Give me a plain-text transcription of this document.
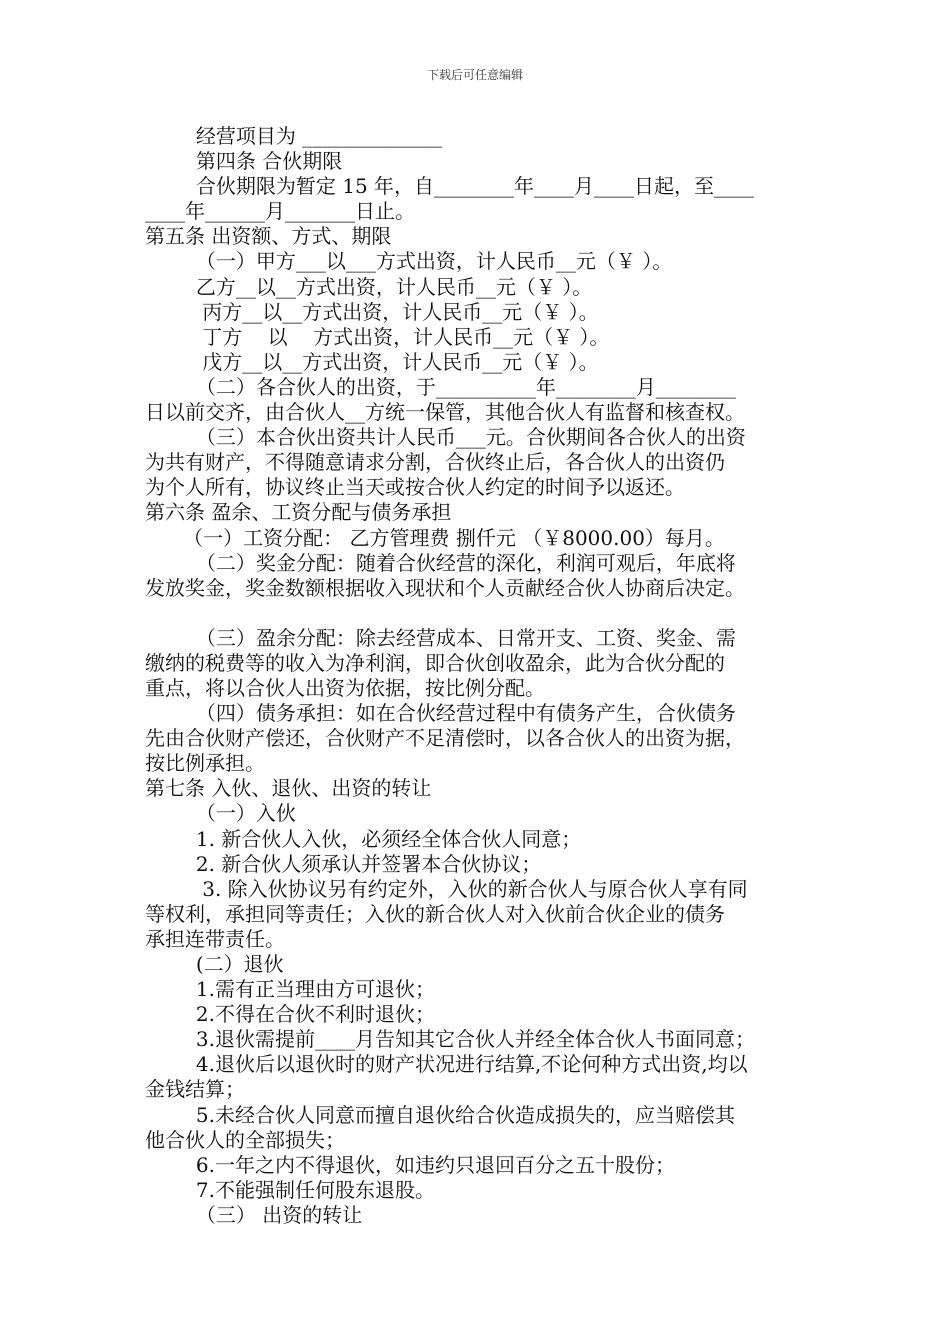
下载后可任意编辑

经营项目为 ______________

第四条 合伙期限

合伙期限为暂定 15 年，自________年____月____日起，至____

____年______月_______日止。

第五条 出资额、方式、期限

（一）甲方___以___方式出资，计人民币__元（￥ ）。

乙方__以__方式出资，计人民币__元（￥ ）。

丙方__以__方式出资，计人民币__元（￥ ）。

丁方    以    方式出资，计人民币__元（￥ ）。

戊方__以__方式出资，计人民币__元（￥ ）。

（二）各合伙人的出资，于__________年________月________

日以前交齐，由合伙人__方统一保管，其他合伙人有监督和核查权。

（三）本合伙出资共计人民币___元。合伙期间各合伙人的出资

为共有财产，不得随意请求分割，合伙终止后，各合伙人的出资仍

为个人所有，协议终止当天或按合伙人约定的时间予以返还。

第六条 盈余、工资分配与债务承担

（一）工资分配： 乙方管理费 捌仟元 （￥8000.00）每月。

（二）奖金分配：随着合伙经营的深化，利润可观后，年底将

发放奖金，奖金数额根据收入现状和个人贡献经合伙人协商后决定。

（三）盈余分配：除去经营成本、日常开支、工资、奖金、需

缴纳的税费等的收入为净利润，即合伙创收盈余，此为合伙分配的

重点，将以合伙人出资为依据，按比例分配。

（四）债务承担：如在合伙经营过程中有债务产生，合伙债务

先由合伙财产偿还，合伙财产不足清偿时，以各合伙人的出资为据，

按比例承担。

第七条 入伙、退伙、出资的转让

（一）入伙

1. 新合伙人入伙，必须经全体合伙人同意；

2. 新合伙人须承认并签署本合伙协议；

3. 除入伙协议另有约定外，入伙的新合伙人与原合伙人享有同

等权利，承担同等责任；入伙的新合伙人对入伙前合伙企业的债务

承担连带责任。

(二）退伙

1.需有正当理由方可退伙；

2.不得在合伙不利时退伙；

3.退伙需提前____月告知其它合伙人并经全体合伙人书面同意；

4.退伙后以退伙时的财产状况进行结算,不论何种方式出资,均以

金钱结算；

5.未经合伙人同意而擅自退伙给合伙造成损失的，应当赔偿其

他合伙人的全部损失；

6.一年之内不得退伙，如违约只退回百分之五十股份；

7.不能强制任何股东退股。

（三） 出资的转让
